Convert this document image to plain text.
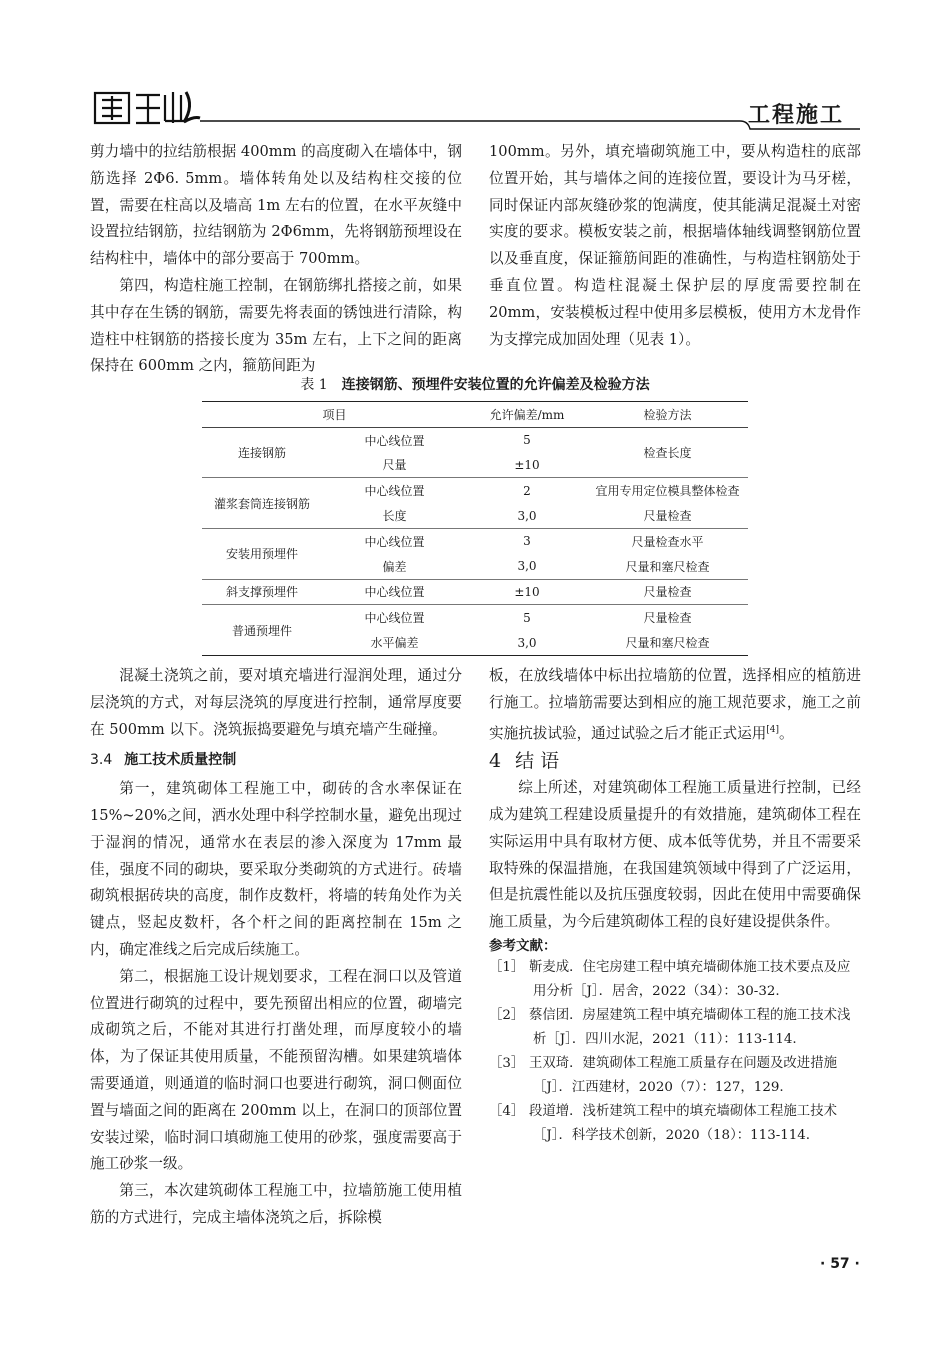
工程施工

剪力墙中的拉结筋根据 400mm 的高度砌入在墙体中，钢筋选择 2Φ6. 5mm。墙体转角处以及结构柱交接的位置，需要在柱高以及墙高 1m 左右的位置，在水平灰缝中设置拉结钢筋，拉结钢筋为 2Φ6mm，先将钢筋预埋设在结构柱中，墙体中的部分要高于 700mm。

第四，构造柱施工控制，在钢筋绑扎搭接之前，如果其中存在生锈的钢筋，需要先将表面的锈蚀进行清除，构造柱中柱钢筋的搭接长度为 35m 左右，上下之间的距离保持在 600mm 之内，箍筋间距为

100mm。另外，填充墙砌筑施工中，要从构造柱的底部位置开始，其与墙体之间的连接位置，要设计为马牙槎，同时保证内部灰缝砂浆的饱满度，使其能满足混凝土对密实度的要求。模板安装之前，根据墙体轴线调整钢筋位置以及垂直度，保证箍筋间距的准确性，与构造柱钢筋处于垂直位置。构造柱混凝土保护层的厚度需要控制在 20mm，安装模板过程中使用多层模板，使用方木龙骨作为支撑完成加固处理（见表 1）。

表 1 连接钢筋、预埋件安装位置的允许偏差及检验方法
项目		允许偏差/mm	检验方法
连接钢筋	中心线位置	5	检查长度
	尺量	±10	
灌浆套筒连接钢筋	中心线位置	2	宜用专用定位模具整体检查
	长度	3,0	尺量检查
安装用预埋件	中心线位置	3	尺量检查水平
	偏差	3,0	尺量和塞尺检查
斜支撑预埋件	中心线位置	±10	尺量检查
普通预埋件	中心线位置	5	尺量检查
	水平偏差	3,0	尺量和塞尺检查

混凝土浇筑之前，要对填充墙进行湿润处理，通过分层浇筑的方式，对每层浇筑的厚度进行控制，通常厚度要在 500mm 以下。浇筑振捣要避免与填充墙产生碰撞。

3.4 施工技术质量控制

第一，建筑砌体工程施工中，砌砖的含水率保证在 15%~20%之间，洒水处理中科学控制水量，避免出现过于湿润的情况，通常水在表层的渗入深度为 17mm 最佳，强度不同的砌块，要采取分类砌筑的方式进行。砖墙砌筑根据砖块的高度，制作皮数杆，将墙的转角处作为关键点，竖起皮数杆，各个杆之间的距离控制在 15m 之内，确定准线之后完成后续施工。

第二，根据施工设计规划要求，工程在洞口以及管道位置进行砌筑的过程中，要先预留出相应的位置，砌墙完成砌筑之后，不能对其进行打凿处理，而厚度较小的墙体，为了保证其使用质量，不能预留沟槽。如果建筑墙体需要通道，则通道的临时洞口也要进行砌筑，洞口侧面位置与墙面之间的距离在 200mm 以上，在洞口的顶部位置安装过梁，临时洞口填砌施工使用的砂浆，强度需要高于施工砂浆一级。

第三，本次建筑砌体工程施工中，拉墙筋施工使用植筋的方式进行，完成主墙体浇筑之后，拆除模

板，在放线墙体中标出拉墙筋的位置，选择相应的植筋进行施工。拉墙筋需要达到相应的施工规范要求，施工之前实施抗拔试验，通过试验之后才能正式运用[4]。

4 结 语

综上所述，对建筑砌体工程施工质量进行控制，已经成为建筑工程建设质量提升的有效措施，建筑砌体工程在实际运用中具有取材方便、成本低等优势，并且不需要采取特殊的保温措施，在我国建筑领域中得到了广泛运用，但是抗震性能以及抗压强度较弱，因此在使用中需要确保施工质量，为今后建筑砌体工程的良好建设提供条件。

参考文献：

［1］ 靳麦成．住宅房建工程中填充墙砌体施工技术要点及应用分析［J］．居舍，2022（34）：30-32.

［2］ 蔡信团．房屋建筑工程中填充墙砌体工程的施工技术浅析［J］．四川水泥，2021（11）：113-114.

［3］ 王双琦．建筑砌体工程施工质量存在问题及改进措施［J］．江西建材，2020（7）：127，129.

［4］ 段道增．浅析建筑工程中的填充墙砌体工程施工技术［J］．科学技术创新，2020（18）：113-114.

· 57 ·
